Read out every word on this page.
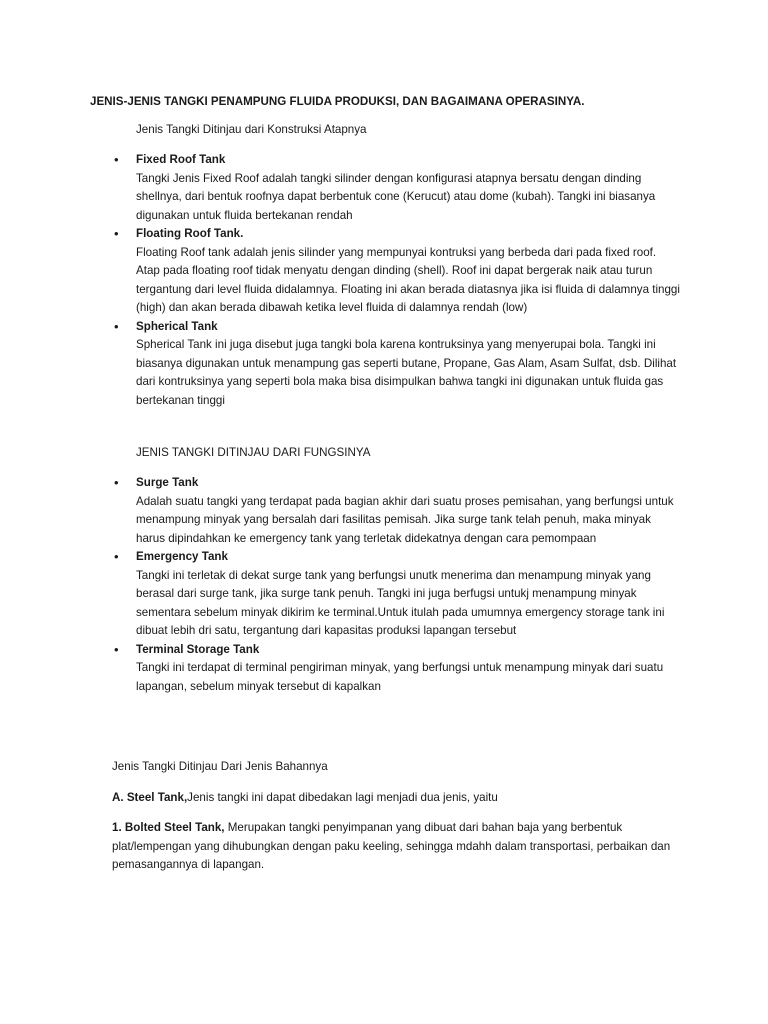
JENIS-JENIS TANGKI PENAMPUNG FLUIDA PRODUKSI, DAN BAGAIMANA OPERASINYA.
Jenis Tangki Ditinjau dari Konstruksi Atapnya
• Fixed Roof Tank
Tangki Jenis Fixed Roof adalah tangki silinder dengan konfigurasi atapnya bersatu dengan dinding shellnya, dari bentuk roofnya dapat berbentuk cone (Kerucut) atau dome (kubah). Tangki ini biasanya digunakan untuk fluida bertekanan rendah
• Floating Roof Tank.
Floating Roof tank adalah jenis silinder yang mempunyai kontruksi yang berbeda dari pada fixed roof. Atap pada floating roof tidak menyatu dengan dinding (shell). Roof ini dapat bergerak naik atau turun tergantung dari level fluida didalamnya. Floating ini akan berada diatasnya jika isi fluida di dalamnya tinggi (high) dan akan berada dibawah ketika level fluida di dalamnya rendah (low)
• Spherical Tank
Spherical Tank ini juga disebut juga tangki bola karena kontruksinya yang menyerupai bola. Tangki ini biasanya digunakan untuk menampung gas seperti butane, Propane, Gas Alam, Asam Sulfat, dsb. Dilihat dari kontruksinya yang seperti bola maka bisa disimpulkan bahwa tangki ini digunakan untuk fluida gas bertekanan tinggi
JENIS TANGKI DITINJAU DARI FUNGSINYA
• Surge Tank
Adalah suatu tangki yang terdapat pada bagian akhir dari suatu proses pemisahan, yang berfungsi untuk menampung minyak yang bersalah dari fasilitas pemisah. Jika surge tank telah penuh, maka minyak harus dipindahkan ke emergency tank yang terletak didekatnya dengan cara pemompaan
• Emergency Tank
Tangki ini terletak di dekat surge tank yang berfungsi unutk menerima dan menampung minyak yang berasal dari surge tank, jika surge tank penuh. Tangki ini juga berfugsi untukj menampung minyak sementara sebelum minyak dikirim ke terminal.Untuk itulah pada umumnya emergency storage tank ini dibuat lebih dri satu, tergantung dari kapasitas produksi lapangan tersebut
• Terminal Storage Tank
Tangki ini terdapat di terminal pengiriman minyak, yang berfungsi untuk menampung minyak dari suatu lapangan, sebelum minyak tersebut di kapalkan
Jenis Tangki Ditinjau Dari Jenis Bahannya
A. Steel Tank,Jenis tangki ini dapat dibedakan lagi menjadi dua jenis, yaitu
1. Bolted Steel Tank, Merupakan tangki penyimpanan yang dibuat dari bahan baja yang berbentuk plat/lempengan yang dihubungkan dengan paku keeling, sehingga mdahh dalam transportasi, perbaikan dan pemasangannya di lapangan.
